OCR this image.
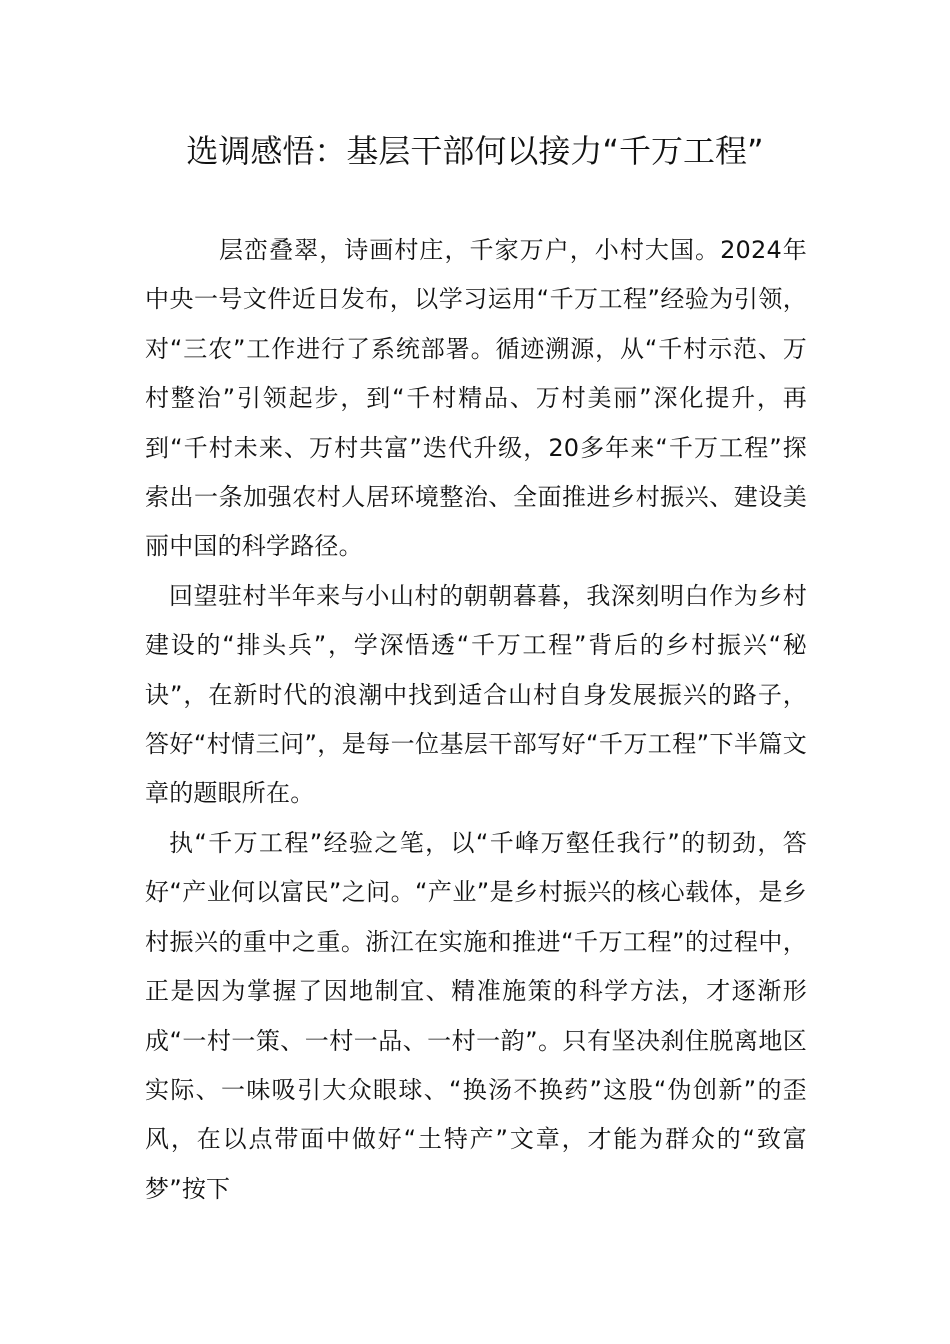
选调感悟：基层干部何以接力“千万工程”

层峦叠翠，诗画村庄，千家万户，小村大国。2024年中央一号文件近日发布，以学习运用“千万工程”经验为引领，对“三农”工作进行了系统部署。循迹溯源，从“千村示范、万村整治”引领起步，到“千村精品、万村美丽”深化提升，再到“千村未来、万村共富”迭代升级，20多年来“千万工程”探索出一条加强农村人居环境整治、全面推进乡村振兴、建设美丽中国的科学路径。

回望驻村半年来与小山村的朝朝暮暮，我深刻明白作为乡村建设的“排头兵”，学深悟透“千万工程”背后的乡村振兴“秘诀”，在新时代的浪潮中找到适合山村自身发展振兴的路子，答好“村情三问”，是每一位基层干部写好“千万工程”下半篇文章的题眼所在。

执“千万工程”经验之笔，以“千峰万壑任我行”的韧劲，答好“产业何以富民”之问。“产业”是乡村振兴的核心载体，是乡村振兴的重中之重。浙江在实施和推进“千万工程”的过程中，正是因为掌握了因地制宜、精准施策的科学方法，才逐渐形成“一村一策、一村一品、一村一韵”。只有坚决刹住脱离地区实际、一味吸引大众眼球、“换汤不换药”这股“伪创新”的歪风，在以点带面中做好“土特产”文章，才能为群众的“致富梦”按下
